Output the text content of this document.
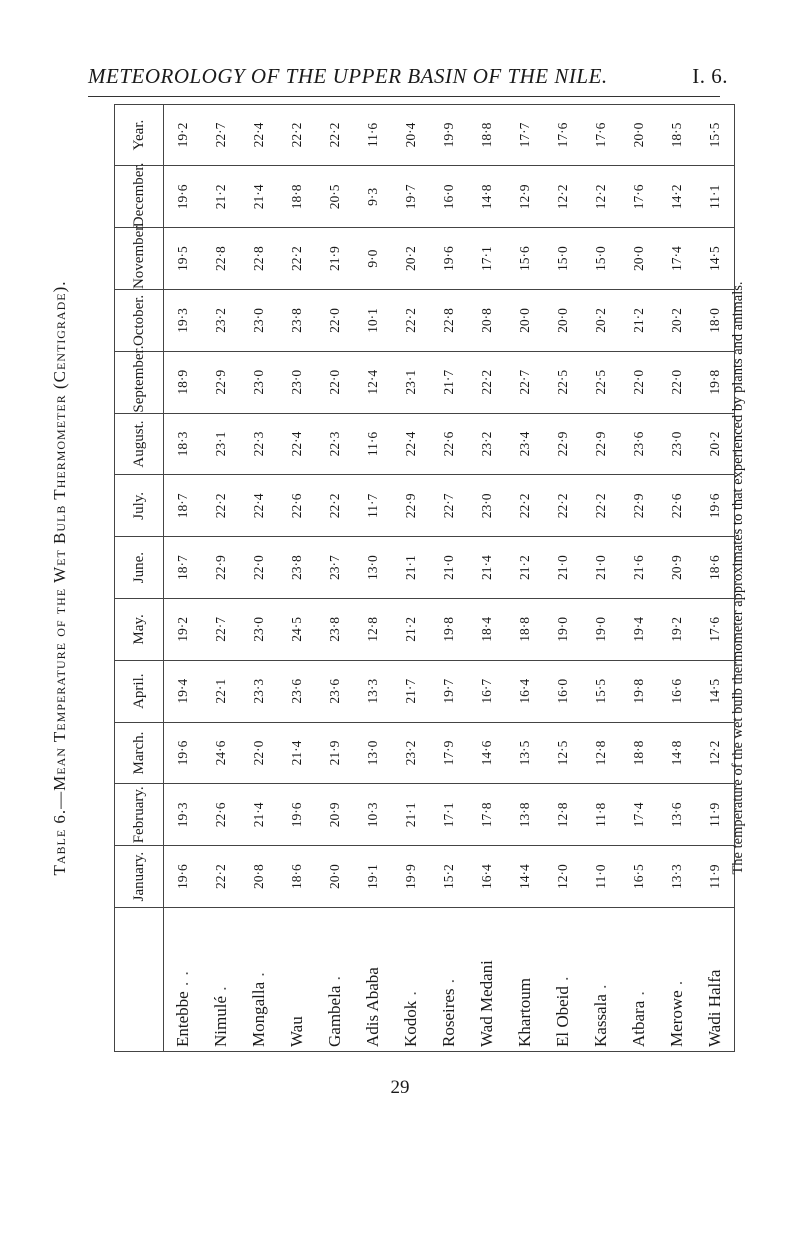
METEOROLOGY OF THE UPPER BASIN OF THE NILE.	I. 6.
Table 6.—Mean Temperature of the Wet Bulb Thermometer (Centigrade).
	January.	February.	March.	April.	May.	June.	July.	August.	September.	October.	November.	December.	Year.
Entebbe . .	19·6	19·3	19·6	19·4	19·2	18·7	18·7	18·3	18·9	19·3	19·5	19·6	19·2
Nimulé .	22·2	22·6	24·6	22·1	22·7	22·9	22·2	23·1	22·9	23·2	22·8	21·2	22·7
Mongalla .	20·8	21·4	22·0	23·3	23·0	22·0	22·4	22·3	23·0	23·0	22·8	21·4	22·4
Wau	18·6	19·6	21·4	23·6	24·5	23·8	22·6	22·4	23·0	23·8	22·2	18·8	22·2
Gambela .	20·0	20·9	21·9	23·6	23·8	23·7	22·2	22·3	22·0	22·0	21·9	20·5	22·2
Adis Ababa	19·1	10·3	13·0	13·3	12·8	13·0	11·7	11·6	12·4	10·1	9·0	9·3	11·6
Kodok .	19·9	21·1	23·2	21·7	21·2	21·1	22·9	22·4	23·1	22·2	20·2	19·7	20·4
Roseires .	15·2	17·1	17·9	19·7	19·8	21·0	22·7	22·6	21·7	22·8	19·6	16·0	19·9
Wad Medani	16·4	17·8	14·6	16·7	18·4	21·4	23·0	23·2	22·2	20·8	17·1	14·8	18·8
Khartoum	14·4	13·8	13·5	16·4	18·8	21·2	22·2	23·4	22·7	20·0	15·6	12·9	17·7
El Obeid .	12·0	12·8	12·5	16·0	19·0	21·0	22·2	22·9	22·5	20·0	15·0	12·2	17·6
Kassala .	11·0	11·8	12·8	15·5	19·0	21·0	22·2	22·9	22·5	20·2	15·0	12·2	17·6
Atbara .	16·5	17·4	18·8	19·8	19·4	21·6	22·9	23·6	22·0	21·2	20·0	17·6	20·0
Merowe .	13·3	13·6	14·8	16·6	19·2	20·9	22·6	23·0	22·0	20·2	17·4	14·2	18·5
Wadi Halfa	11·9	11·9	12·2	14·5	17·6	18·6	19·6	20·2	19·8	18·0	14·5	11·1	15·5
The temperature of the wet bulb thermometer approximates to that experienced by plants and animals.
29
